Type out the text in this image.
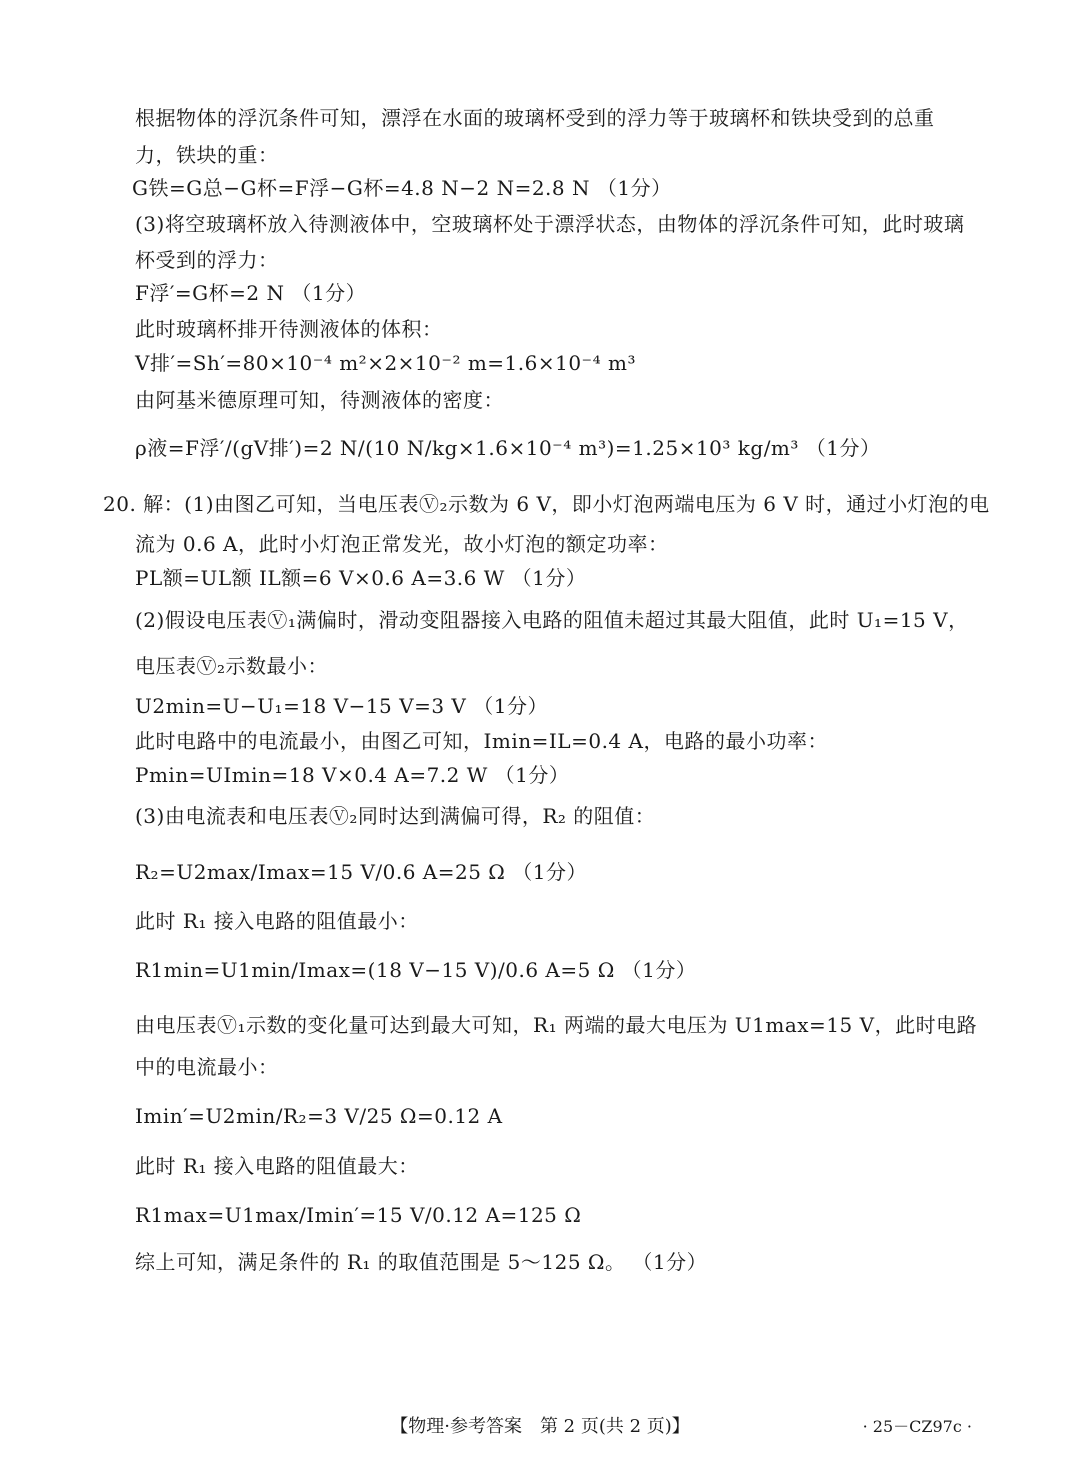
根据物体的浮沉条件可知，漂浮在水面的玻璃杯受到的浮力等于玻璃杯和铁块受到的总重
力，铁块的重：
G铁=G总−G杯=F浮−G杯=4.8 N−2 N=2.8 N （1分）
(3)将空玻璃杯放入待测液体中，空玻璃杯处于漂浮状态，由物体的浮沉条件可知，此时玻璃
杯受到的浮力：
F浮′=G杯=2 N （1分）
此时玻璃杯排开待测液体的体积：
V排′=Sh′=80×10⁻⁴ m²×2×10⁻² m=1.6×10⁻⁴ m³
由阿基米德原理可知，待测液体的密度：
ρ液=F浮′/(gV排′)=2 N/(10 N/kg×1.6×10⁻⁴ m³)=1.25×10³ kg/m³ （1分）
20. 解：(1)由图乙可知，当电压表Ⓥ₂示数为 6 V，即小灯泡两端电压为 6 V 时，通过小灯泡的电
流为 0.6 A，此时小灯泡正常发光，故小灯泡的额定功率：
PL额=UL额 IL额=6 V×0.6 A=3.6 W （1分）
(2)假设电压表Ⓥ₁满偏时，滑动变阻器接入电路的阻值未超过其最大阻值，此时 U₁=15 V，
电压表Ⓥ₂示数最小：
U2min=U−U₁=18 V−15 V=3 V （1分）
此时电路中的电流最小，由图乙可知，Imin=IL=0.4 A，电路的最小功率：
Pmin=UImin=18 V×0.4 A=7.2 W （1分）
(3)由电流表和电压表Ⓥ₂同时达到满偏可得，R₂ 的阻值：
R₂=U2max/Imax=15 V/0.6 A=25 Ω （1分）
此时 R₁ 接入电路的阻值最小：
R1min=U1min/Imax=(18 V−15 V)/0.6 A=5 Ω （1分）
由电压表Ⓥ₁示数的变化量可达到最大可知，R₁ 两端的最大电压为 U1max=15 V，此时电路
中的电流最小：
Imin′=U2min/R₂=3 V/25 Ω=0.12 A
此时 R₁ 接入电路的阻值最大：
R1max=U1max/Imin′=15 V/0.12 A=125 Ω
综上可知，满足条件的 R₁ 的取值范围是 5～125 Ω。 （1分）
【物理·参考答案　第 2 页(共 2 页)】	· 25－CZ97c ·
